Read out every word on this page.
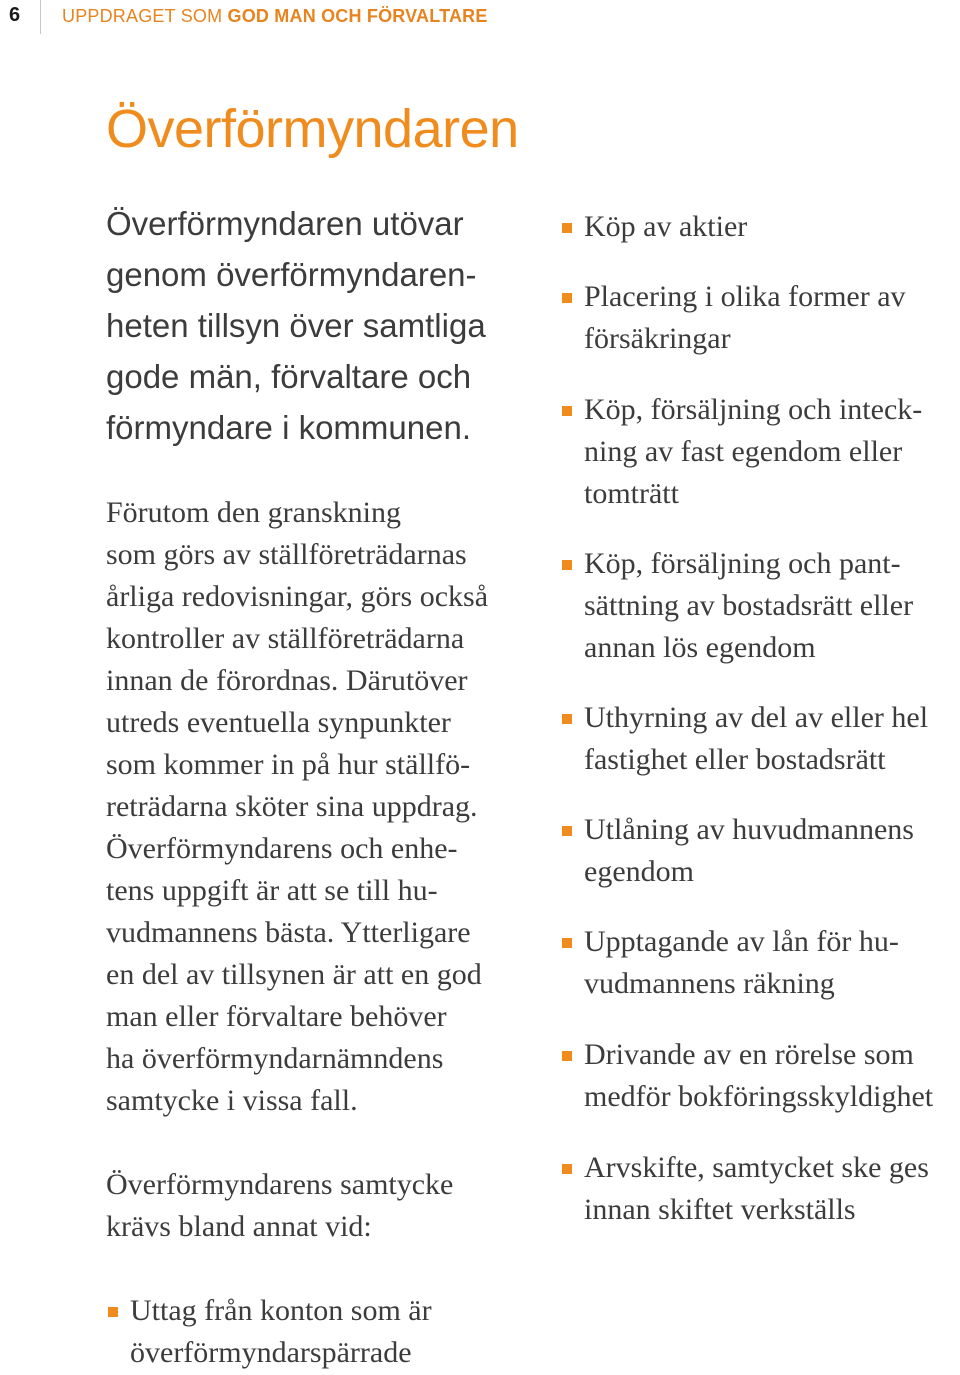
6 UPPDRAGET SOM GOD MAN OCH FÖRVALTARE
Överförmyndaren

Överförmyndaren utövar
genom överförmyndaren-
heten tillsyn över samtliga
gode män, förvaltare och
förmyndare i kommunen.

Förutom den granskning
som görs av ställföreträdarnas
årliga redovisningar, görs också
kontroller av ställföreträdarna
innan de förordnas. Därutöver
utreds eventuella synpunkter
som kommer in på hur ställfö-
reträdarna sköter sina uppdrag.
Överförmyndarens och enhe-
tens uppgift är att se till hu-
vudmannens bästa. Ytterligare
en del av tillsynen är att en god
man eller förvaltare behöver
ha överförmyndarnämndens
samtycke i vissa fall.

Överförmyndarens samtycke
krävs bland annat vid:

Uttag från konton som är
överförmyndarspärrade
Köp av aktier
Placering i olika former av
försäkringar
Köp, försäljning och inteck-
ning av fast egendom eller
tomträtt
Köp, försäljning och pant-
sättning av bostadsrätt eller
annan lös egendom
Uthyrning av del av eller hel
fastighet eller bostadsrätt
Utlåning av huvudmannens
egendom
Upptagande av lån för hu-
vudmannens räkning
Drivande av en rörelse som
medför bokföringsskyldighet
Arvskifte, samtycket ske ges
innan skiftet verkställs
